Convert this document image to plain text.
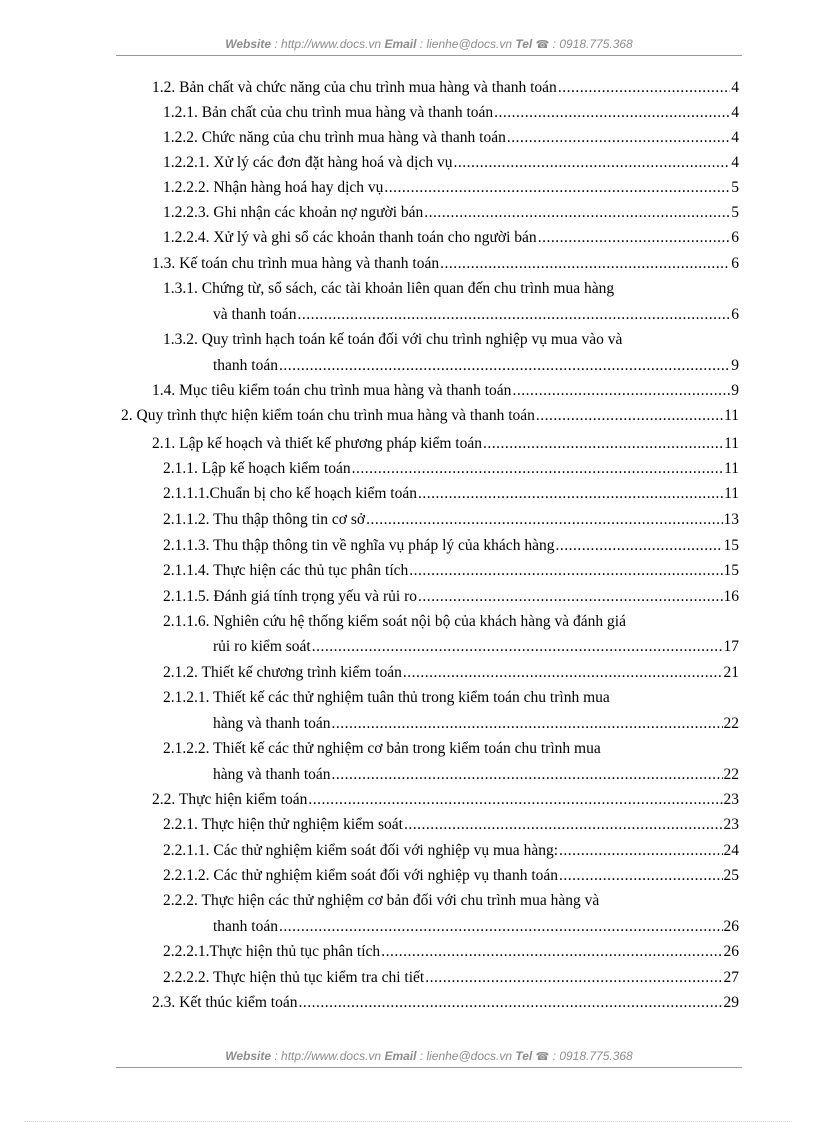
Website : http://www.docs.vn Email : lienhe@docs.vn Tel ☎ : 0918.775.368
1.2. Bản chất và chức năng của chu trình mua hàng và thanh toán .....	4
1.2.1. Bản chất của chu trình mua hàng và thanh toán .....	4
1.2.2. Chức năng của chu trình mua hàng và thanh toán .....	4
1.2.2.1. Xử lý các đơn đặt hàng hoá và dịch vụ .....	4
1.2.2.2. Nhận hàng hoá hay dịch vụ .....	5
1.2.2.3. Ghi nhận các khoản nợ người bán .....	5
1.2.2.4. Xử lý và ghi sổ các khoản thanh toán cho người bán .....	6
1.3. Kế toán chu trình mua hàng và thanh toán .....	6
1.3.1. Chứng từ, sổ sách, các tài khoản liên quan đến chu trình mua hàng
và thanh toán .....	6
1.3.2. Quy trình hạch toán kế toán đối với chu trình nghiệp vụ mua vào và
thanh toán .....	9
1.4. Mục tiêu kiểm toán chu trình mua hàng và thanh toán .....	9
2. Quy trình thực hiện kiểm toán chu trình mua hàng và thanh toán .....	11
2.1. Lập kế hoạch và thiết kế phương pháp kiểm toán .....	11
2.1.1. Lập kế hoạch kiểm toán .....	11
2.1.1.1.Chuẩn bị cho kế hoạch kiểm toán .....	11
2.1.1.2. Thu thập thông tin cơ sở .....	13
2.1.1.3. Thu thập thông tin về nghĩa vụ pháp lý của khách hàng .....	15
2.1.1.4. Thực hiện các thủ tục phân tích .....	15
2.1.1.5. Đánh giá tính trọng yếu và rủi ro .....	16
2.1.1.6. Nghiên cứu hệ thống kiểm soát nội bộ của khách hàng và đánh giá
rủi ro kiểm soát .....	17
2.1.2. Thiết kế chương trình kiểm toán .....	21
2.1.2.1. Thiết kế các thử nghiệm tuân thủ trong kiểm toán chu trình mua
hàng và thanh toán .....	22
2.1.2.2. Thiết kế các thử nghiệm cơ bản trong kiểm toán chu trình mua
hàng và thanh toán .....	22
2.2. Thực hiện kiểm toán .....	23
2.2.1. Thực hiện thử nghiệm kiểm soát .....	23
2.2.1.1. Các thử nghiệm kiểm soát đối với nghiệp vụ mua hàng: .....	24
2.2.1.2. Các thử nghiệm kiểm soát đối với nghiệp vụ thanh toán .....	25
2.2.2. Thực hiện các thử nghiệm cơ bản đối với chu trình mua hàng và
thanh toán .....	26
2.2.2.1.Thực hiện thủ tục phân tích .....	26
2.2.2.2. Thực hiện thủ tục kiểm tra chi tiết .....	27
2.3. Kết thúc kiểm toán .....	29
Website : http://www.docs.vn Email : lienhe@docs.vn Tel ☎ : 0918.775.368
